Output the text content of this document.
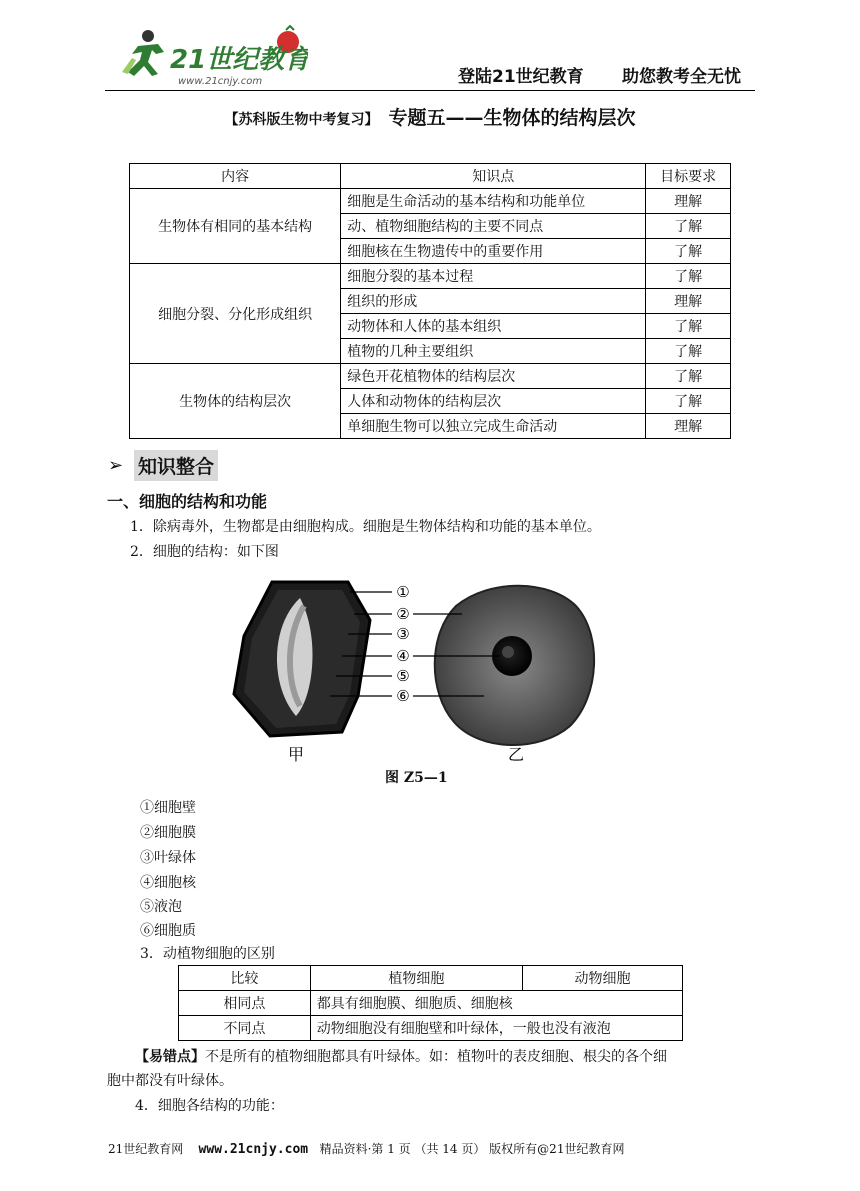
21世纪教育
www.21cnjy.com	登陆21世纪教育 助您教考全无忧
【苏科版生物中考复习】 专题五——生物体的结构层次
内容	知识点	目标要求
生物体有相同的基本结构	细胞是生命活动的基本结构和功能单位	理解
	动、植物细胞结构的主要不同点	了解
	细胞核在生物遗传中的重要作用	了解
细胞分裂、分化形成组织	细胞分裂的基本过程	了解
	组织的形成	理解
	动物体和人体的基本组织	了解
	植物的几种主要组织	了解
生物体的结构层次	绿色开花植物体的结构层次	了解
	人体和动物体的结构层次	了解
	单细胞生物可以独立完成生命活动	理解
➢ 知识整合
一、细胞的结构和功能
1．除病毒外，生物都是由细胞构成。细胞是生物体结构和功能的基本单位。
2．细胞的结构：如下图
①
②
③
④
⑤
⑥
甲	乙
图 Z5—1
①细胞壁
②细胞膜
③叶绿体
④细胞核
⑤液泡
⑥细胞质
3．动植物细胞的区别
比较	植物细胞	动物细胞
相同点	都具有细胞膜、细胞质、细胞核	
不同点	动物细胞没有细胞壁和叶绿体，一般也没有液泡	
【易错点】不是所有的植物细胞都具有叶绿体。如：植物叶的表皮细胞、根尖的各个细
胞中都没有叶绿体。
4．细胞各结构的功能：
21世纪教育网 www.21cnjy.com 精品资料·第 1 页 （共 14 页） 版权所有@21世纪教育网
